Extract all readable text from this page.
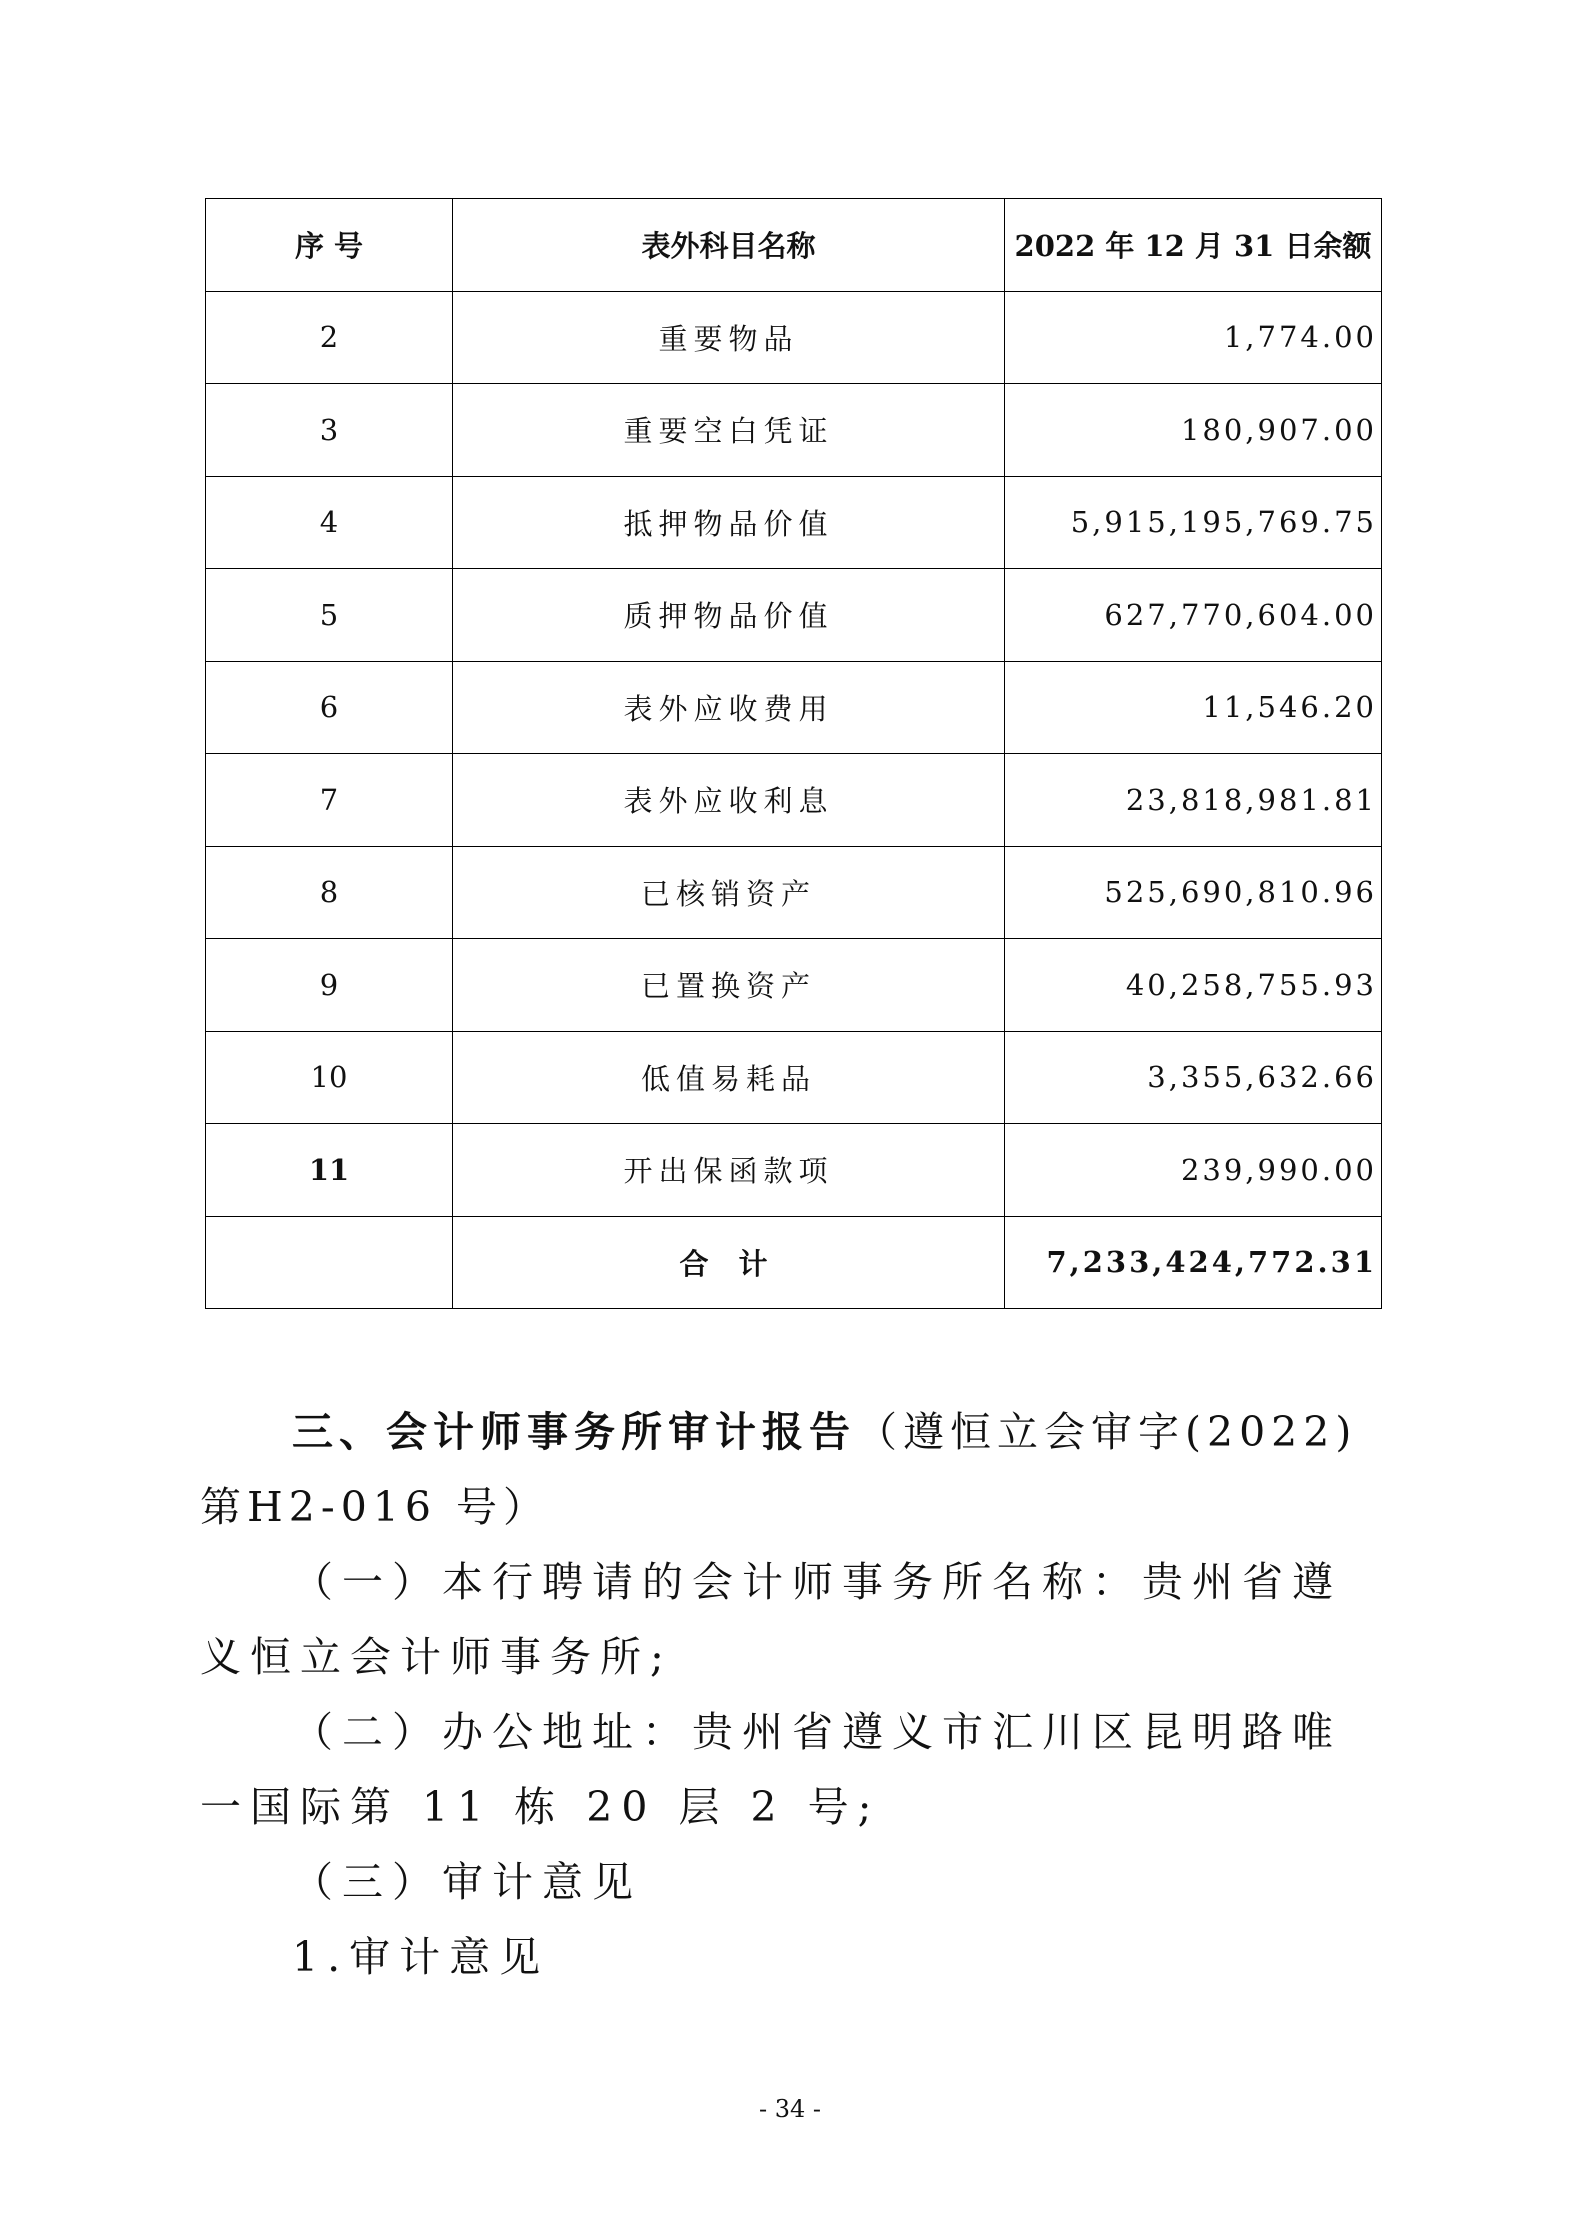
序 号	表外科目名称	2022 年 12 月 31 日余额
2	重要物品	1,774.00
3	重要空白凭证	180,907.00
4	抵押物品价值	5,915,195,769.75
5	质押物品价值	627,770,604.00
6	表外应收费用	11,546.20
7	表外应收利息	23,818,981.81
8	已核销资产	525,690,810.96
9	已置换资产	40,258,755.93
10	低值易耗品	3,355,632.66
11	开出保函款项	239,990.00
	合 计	7,233,424,772.31

三、会计师事务所审计报告（遵恒立会审字(2022)第H2-016 号）

（一）本行聘请的会计师事务所名称：贵州省遵义恒立会计师事务所;

（二）办公地址：贵州省遵义市汇川区昆明路唯一国际第 11 栋 20 层 2 号;

（三）审计意见

1.审计意见

- 34 -
